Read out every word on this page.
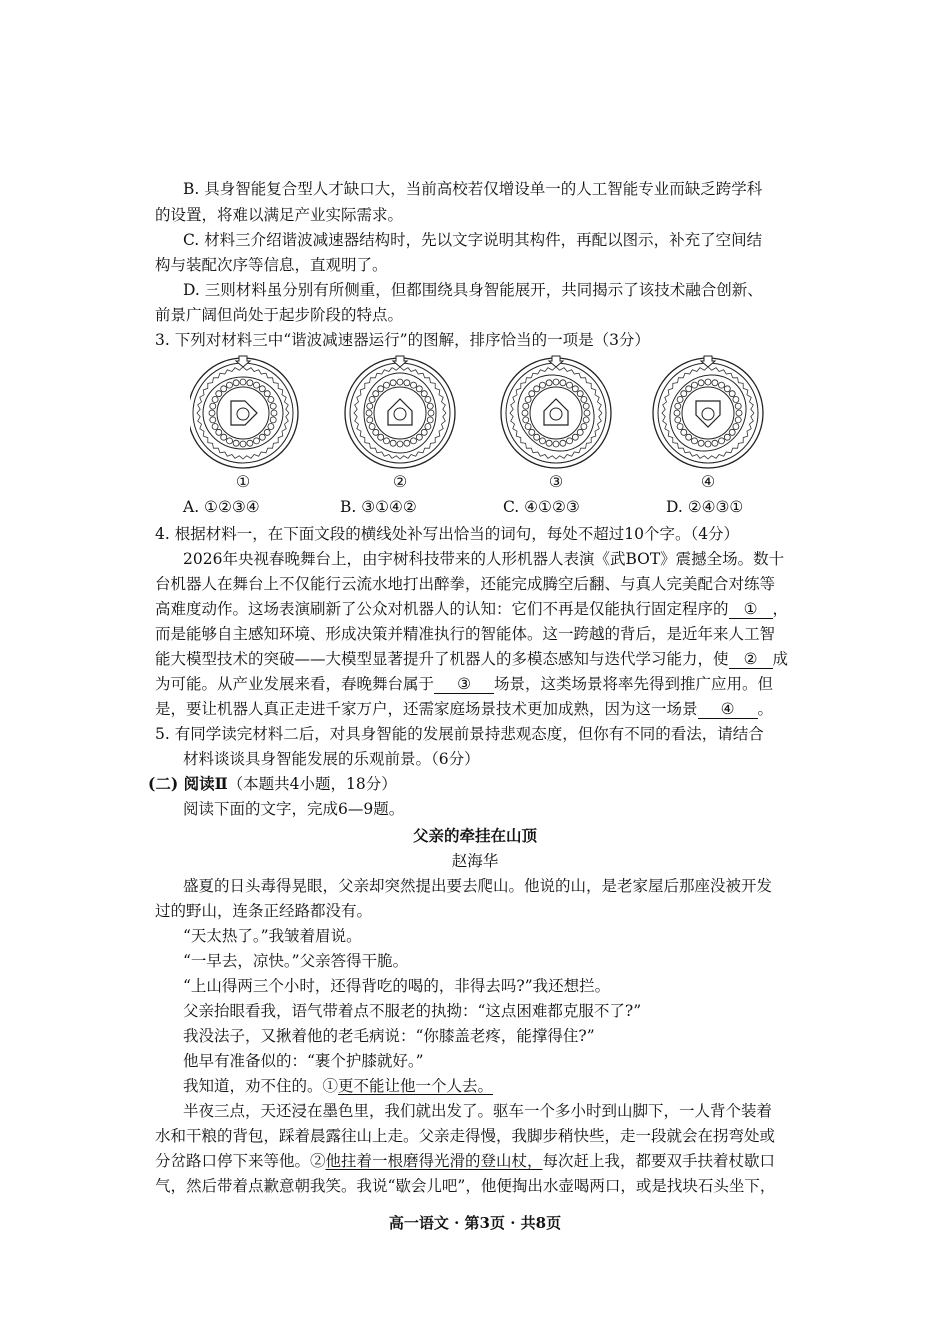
B. 具身智能复合型人才缺口大，当前高校若仅增设单一的人工智能专业而缺乏跨学科
的设置，将难以满足产业实际需求。
C. 材料三介绍谐波减速器结构时，先以文字说明其构件，再配以图示，补充了空间结
构与装配次序等信息，直观明了。
D. 三则材料虽分别有所侧重，但都围绕具身智能展开，共同揭示了该技术融合创新、
前景广阔但尚处于起步阶段的特点。
3. 下列对材料三中“谐波减速器运行”的图解，排序恰当的一项是（3分）
①	②	③	④
A. ①②③④	B. ③①④②	C. ④①②③	D. ②④③①
4. 根据材料一，在下面文段的横线处补写出恰当的词句，每处不超过10个字。（4分）
2026年央视春晚舞台上，由宇树科技带来的人形机器人表演《武BOT》震撼全场。数十
台机器人在舞台上不仅能行云流水地打出醉拳，还能完成腾空后翻、与真人完美配合对练等
高难度动作。这场表演刷新了公众对机器人的认知：它们不再是仅能执行固定程序的 ① ，
而是能够自主感知环境、形成决策并精准执行的智能体。这一跨越的背后，是近年来人工智
能大模型技术的突破——大模型显著提升了机器人的多模态感知与迭代学习能力，使 ② 成
为可能。从产业发展来看，春晚舞台属于 ③ 场景，这类场景将率先得到推广应用。但
是，要让机器人真正走进千家万户，还需家庭场景技术更加成熟，因为这一场景 ④ 。
5. 有同学读完材料二后，对具身智能的发展前景持悲观态度，但你有不同的看法，请结合
材料谈谈具身智能发展的乐观前景。（6分）
(二) 阅读Ⅱ（本题共4小题，18分）
阅读下面的文字，完成6—9题。
父亲的牵挂在山顶
赵海华
盛夏的日头毒得晃眼，父亲却突然提出要去爬山。他说的山，是老家屋后那座没被开发
过的野山，连条正经路都没有。
“天太热了。”我皱着眉说。
“一早去，凉快。”父亲答得干脆。
“上山得两三个小时，还得背吃的喝的，非得去吗?”我还想拦。
父亲抬眼看我，语气带着点不服老的执拗：“这点困难都克服不了?”
我没法子，又揪着他的老毛病说：“你膝盖老疼，能撑得住?”
他早有准备似的：“裹个护膝就好。”
我知道，劝不住的。①更不能让他一个人去。
半夜三点，天还浸在墨色里，我们就出发了。驱车一个多小时到山脚下，一人背个装着
水和干粮的背包，踩着晨露往山上走。父亲走得慢，我脚步稍快些，走一段就会在拐弯处或
分岔路口停下来等他。②他拄着一根磨得光滑的登山杖，每次赶上我，都要双手扶着杖歇口
气，然后带着点歉意朝我笑。我说“歇会儿吧”，他便掏出水壶喝两口，或是找块石头坐下，
高一语文 · 第3页 · 共8页
